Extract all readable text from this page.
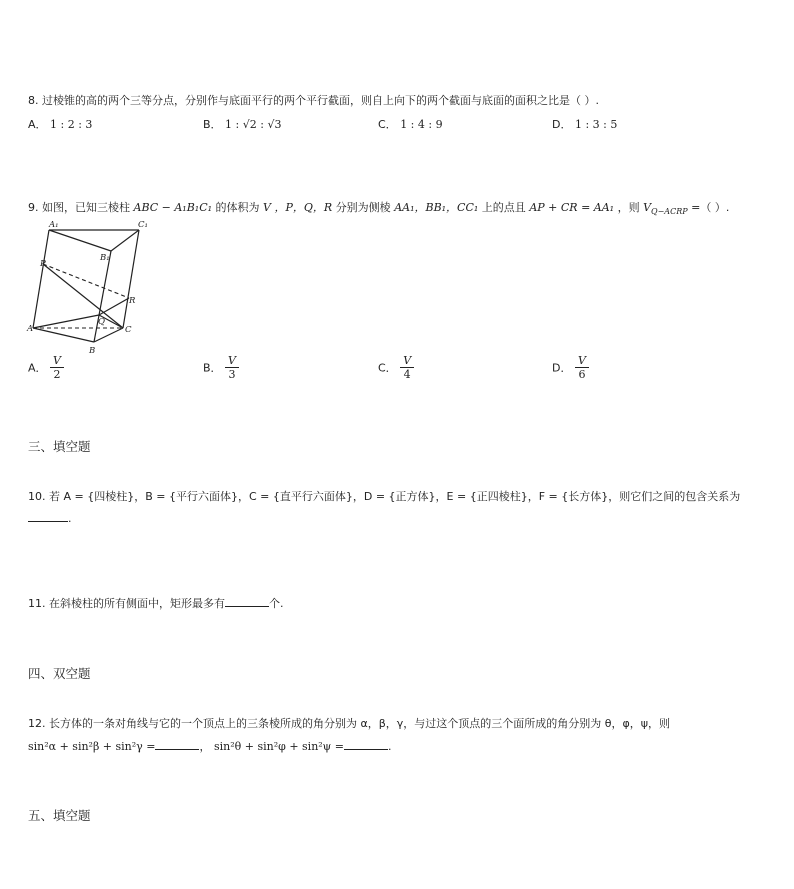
8. 过棱锥的高的两个三等分点，分别作与底面平行的两个平行截面，则自上向下的两个截面与底面的面积之比是（ ）.
A． 1 : 2 : 3	B． 1 : √2 : √3	C． 1 : 4 : 9	D． 1 : 3 : 5
9. 如图，已知三棱柱 ABC − A₁B₁C₁ 的体积为 V ，P，Q，R 分别为侧棱 AA₁，BB₁，CC₁ 上的点且 AP + CR = AA₁ ，则 $V_{Q-ACRP}$ =（ ）.
A₁	C₁
B₁
P
R
Q
A	C
B
A． $\frac{V}{2}$	B． $\frac{V}{3}$	C． $\frac{V}{4}$	D． $\frac{V}{6}$
三、填空题
10. 若 A = {四棱柱}，B = {平行六面体}，C = {直平行六面体}，D = {正方体}，E = {正四棱柱}，F = {长方体}，则它们之间的包含关系为
.
11. 在斜棱柱的所有侧面中，矩形最多有	个.
四、双空题
12. 长方体的一条对角线与它的一个顶点上的三条棱所成的角分别为 α，β，γ，与过这个顶点的三个面所成的角分别为 θ，φ，ψ，则
sin²α + sin²β + sin²γ =	， sin²θ + sin²φ + sin²ψ =	.
五、填空题
